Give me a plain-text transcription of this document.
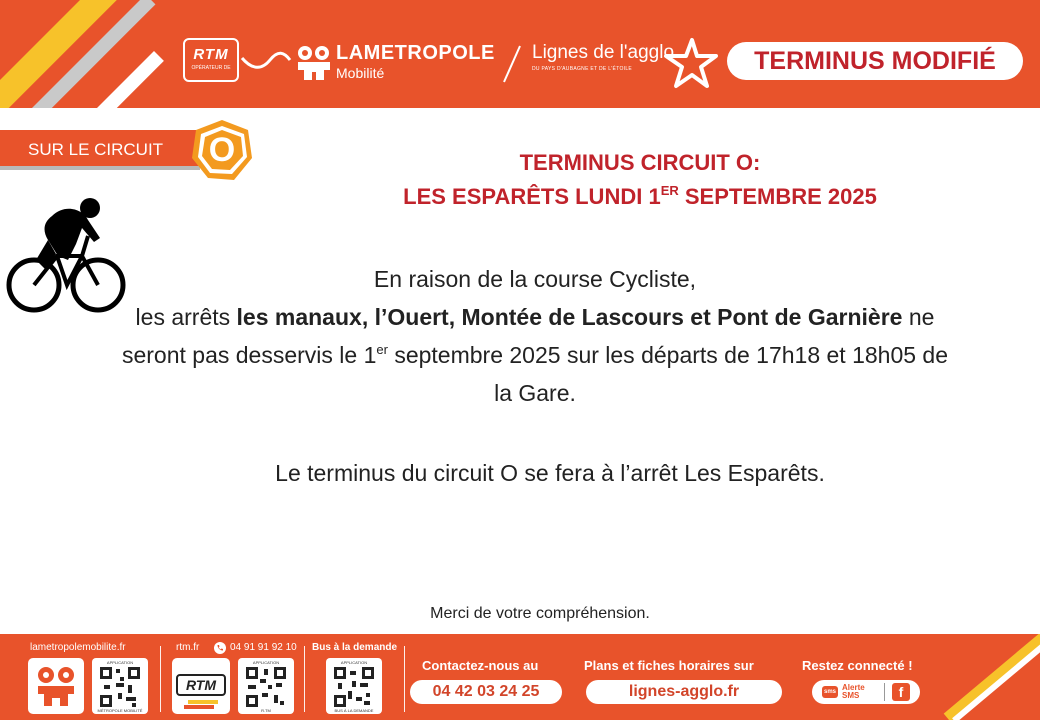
RTM
OPÉRATEUR DE
LAMETROPOLE
Mobilité
Lignes de l'agglo
DU PAYS D'AUBAGNE ET DE L'ÉTOILE	TERMINUS MODIFIÉ
SUR LE CIRCUIT	O	TERMINUS CIRCUIT O:
LES ESPARÊTS LUNDI 1ER SEPTEMBRE 2025
En raison de la course Cycliste,
les arrêts les manaux, l’Ouert, Montée de Lascours et Pont de Garnière ne seront pas desservis le 1er septembre 2025 sur les départs de 17h18 et 18h05 de la Gare.
Le terminus du circuit O se fera à l’arrêt Les Esparêts.
Merci de votre compréhension.
lametropolemobilite.fr
APPLICATION
MÉTROPOLE MOBILITÉ
rtm.fr	04 91 91 92 10
RTM
APPLICATION
R.TM
Bus à la demande
APPLICATION
BUS À LA DEMANDE
Contactez-nous au
04 42 03 24 25
Plans et fiches horaires sur
lignes-agglo.fr
Restez connecté !
sms Alerte SMS	f
